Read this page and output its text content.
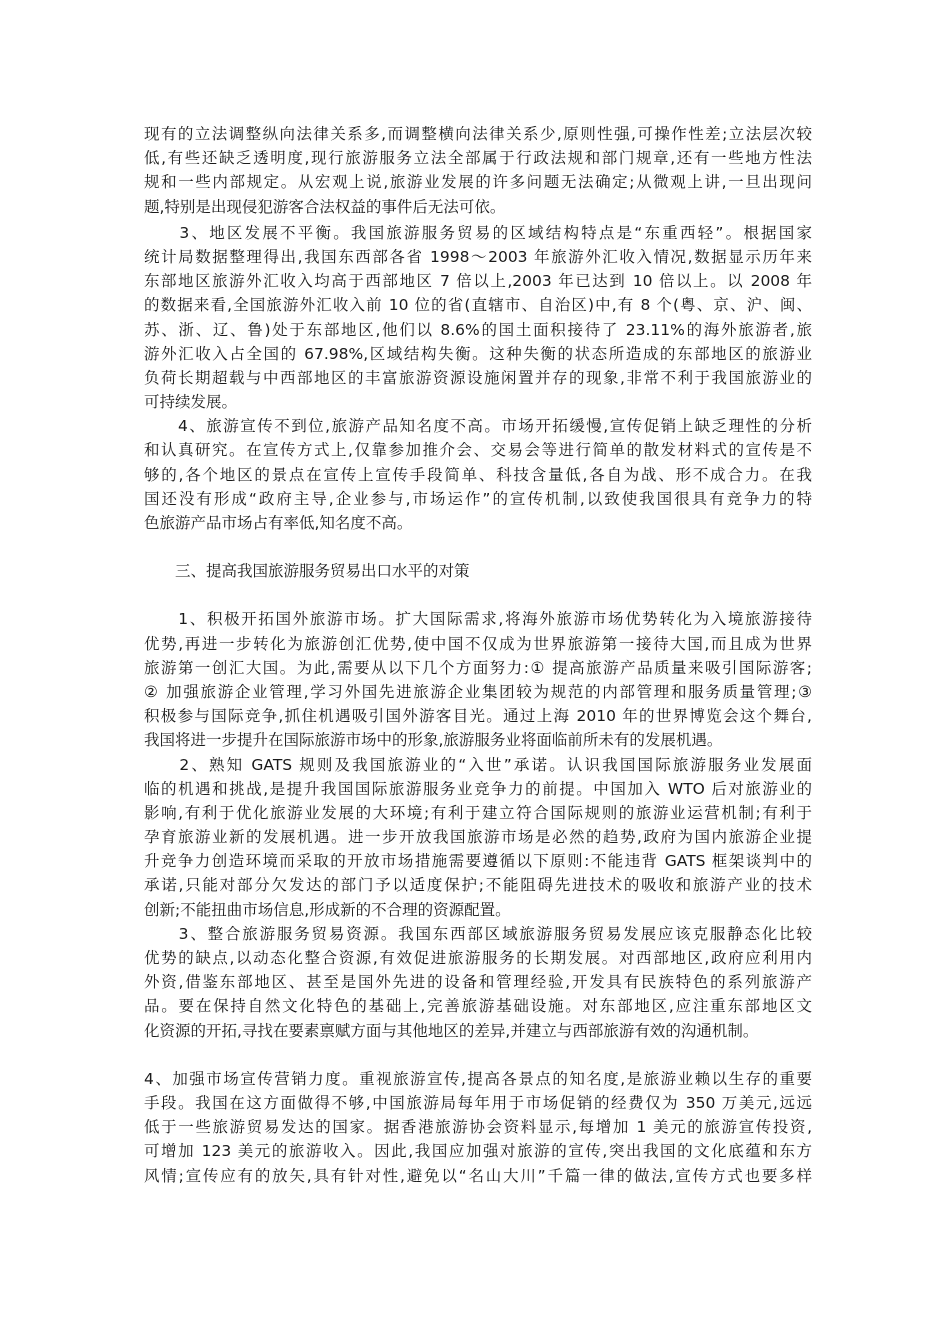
现有的立法调整纵向法律关系多,而调整横向法律关系少,原则性强,可操作性差;立法层次较
低,有些还缺乏透明度,现行旅游服务立法全部属于行政法规和部门规章,还有一些地方性法
规和一些内部规定。从宏观上说,旅游业发展的许多问题无法确定;从微观上讲,一旦出现问
题,特别是出现侵犯游客合法权益的事件后无法可依。
　　3、地区发展不平衡。我国旅游服务贸易的区域结构特点是“东重西轻”。根据国家
统计局数据整理得出,我国东西部各省 1998～2003 年旅游外汇收入情况,数据显示历年来
东部地区旅游外汇收入均高于西部地区 7 倍以上,2003 年已达到 10 倍以上。以 2008 年
的数据来看,全国旅游外汇收入前 10 位的省(直辖市、自治区)中,有 8 个(粤、京、沪、闽、
苏、浙、辽、鲁)处于东部地区,他们以 8.6%的国土面积接待了 23.11%的海外旅游者,旅
游外汇收入占全国的 67.98%,区域结构失衡。这种失衡的状态所造成的东部地区的旅游业
负荷长期超载与中西部地区的丰富旅游资源设施闲置并存的现象,非常不利于我国旅游业的
可持续发展。
　　4、旅游宣传不到位,旅游产品知名度不高。市场开拓缓慢,宣传促销上缺乏理性的分析
和认真研究。在宣传方式上,仅靠参加推介会、交易会等进行简单的散发材料式的宣传是不
够的,各个地区的景点在宣传上宣传手段简单、科技含量低,各自为战、形不成合力。在我
国还没有形成“政府主导,企业参与,市场运作”的宣传机制,以致使我国很具有竞争力的特
色旅游产品市场占有率低,知名度不高。
　　三、提高我国旅游服务贸易出口水平的对策
　　1、积极开拓国外旅游市场。扩大国际需求,将海外旅游市场优势转化为入境旅游接待
优势,再进一步转化为旅游创汇优势,使中国不仅成为世界旅游第一接待大国,而且成为世界
旅游第一创汇大国。为此,需要从以下几个方面努力:① 提高旅游产品质量来吸引国际游客;
② 加强旅游企业管理,学习外国先进旅游企业集团较为规范的内部管理和服务质量管理;③
积极参与国际竞争,抓住机遇吸引国外游客目光。通过上海 2010 年的世界博览会这个舞台,
我国将进一步提升在国际旅游市场中的形象,旅游服务业将面临前所未有的发展机遇。
　　2、熟知 GATS 规则及我国旅游业的“入世”承诺。认识我国国际旅游服务业发展面
临的机遇和挑战,是提升我国国际旅游服务业竞争力的前提。中国加入 WTO 后对旅游业的
影响,有利于优化旅游业发展的大环境;有利于建立符合国际规则的旅游业运营机制;有利于
孕育旅游业新的发展机遇。进一步开放我国旅游市场是必然的趋势,政府为国内旅游企业提
升竞争力创造环境而采取的开放市场措施需要遵循以下原则:不能违背 GATS 框架谈判中的
承诺,只能对部分欠发达的部门予以适度保护;不能阻碍先进技术的吸收和旅游产业的技术
创新;不能扭曲市场信息,形成新的不合理的资源配置。
　　3、整合旅游服务贸易资源。我国东西部区域旅游服务贸易发展应该克服静态化比较
优势的缺点,以动态化整合资源,有效促进旅游服务的长期发展。对西部地区,政府应利用内
外资,借鉴东部地区、甚至是国外先进的设备和管理经验,开发具有民族特色的系列旅游产
品。要在保持自然文化特色的基础上,完善旅游基础设施。对东部地区,应注重东部地区文
化资源的开拓,寻找在要素禀赋方面与其他地区的差异,并建立与西部旅游有效的沟通机制。
4、加强市场宣传营销力度。重视旅游宣传,提高各景点的知名度,是旅游业赖以生存的重要
手段。我国在这方面做得不够,中国旅游局每年用于市场促销的经费仅为 350 万美元,远远
低于一些旅游贸易发达的国家。据香港旅游协会资料显示,每增加 1 美元的旅游宣传投资,
可增加 123 美元的旅游收入。因此,我国应加强对旅游的宣传,突出我国的文化底蕴和东方
风情;宣传应有的放矢,具有针对性,避免以“名山大川”千篇一律的做法,宣传方式也要多样
